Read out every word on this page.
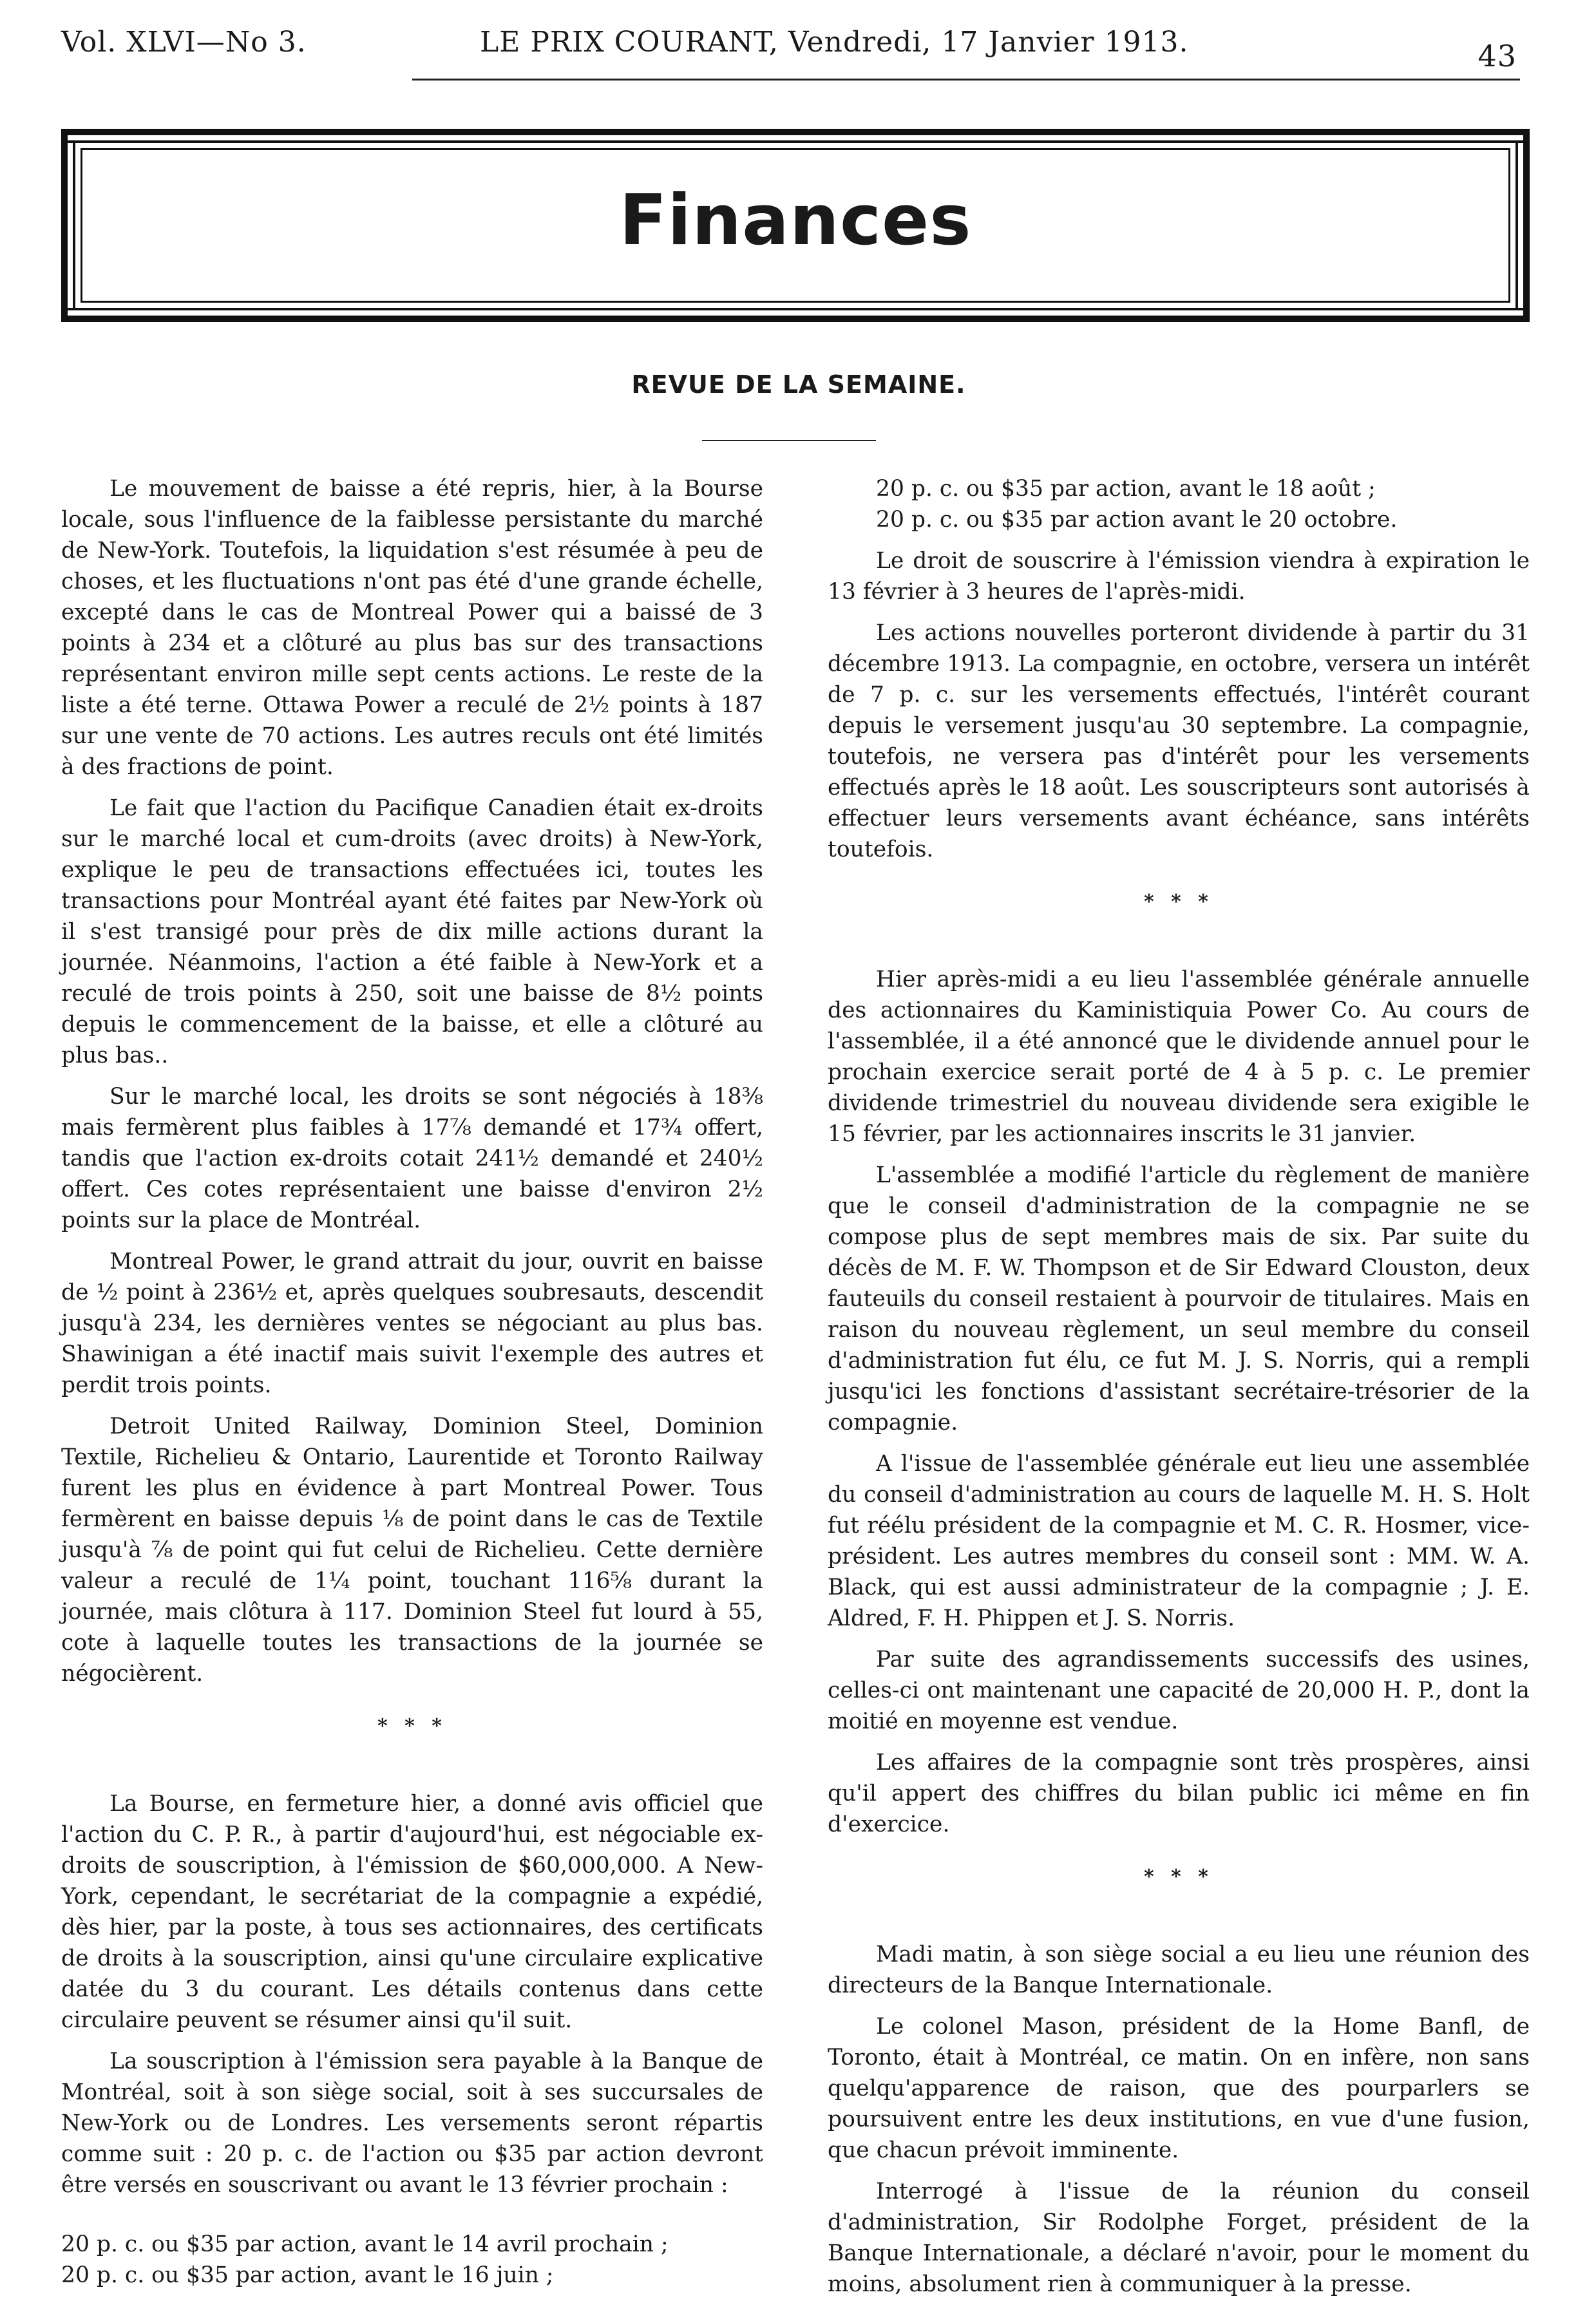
Vol. XLVI—No 3.	LE PRIX COURANT, Vendredi, 17 Janvier 1913.	43
Finances
REVUE DE LA SEMAINE.

Le mouvement de baisse a été repris, hier, à la Bourse locale, sous l'influence de la faiblesse persistante du marché de New-York. Toutefois, la liquidation s'est résumée à peu de choses, et les fluctuations n'ont pas été d'une grande échelle, excepté dans le cas de Montreal Power qui a baissé de 3 points à 234 et a clôturé au plus bas sur des transactions représentant environ mille sept cents actions. Le reste de la liste a été terne. Ottawa Power a reculé de 2½ points à 187 sur une vente de 70 actions. Les autres reculs ont été limités à des fractions de point.

Le fait que l'action du Pacifique Canadien était ex-droits sur le marché local et cum-droits (avec droits) à New-York, explique le peu de transactions effectuées ici, toutes les transactions pour Montréal ayant été faites par New-York où il s'est transigé pour près de dix mille actions durant la journée. Néanmoins, l'action a été faible à New-York et a reculé de trois points à 250, soit une baisse de 8½ points depuis le commencement de la baisse, et elle a clôturé au plus bas..

Sur le marché local, les droits se sont négociés à 18⅜ mais fermèrent plus faibles à 17⅞ demandé et 17¾ offert, tandis que l'action ex-droits cotait 241½ demandé et 240½ offert. Ces cotes représentaient une baisse d'environ 2½ points sur la place de Montréal.

Montreal Power, le grand attrait du jour, ouvrit en baisse de ½ point à 236½ et, après quelques soubresauts, descendit jusqu'à 234, les dernières ventes se négociant au plus bas. Shawinigan a été inactif mais suivit l'exemple des autres et perdit trois points.

Detroit United Railway, Dominion Steel, Dominion Textile, Richelieu & Ontario, Laurentide et Toronto Railway furent les plus en évidence à part Montreal Power. Tous fermèrent en baisse depuis ⅛ de point dans le cas de Textile jusqu'à ⅞ de point qui fut celui de Richelieu. Cette dernière valeur a reculé de 1¼ point, touchant 116⅝ durant la journée, mais clôtura à 117. Dominion Steel fut lourd à 55, cote à laquelle toutes les transactions de la journée se négocièrent.

* * *

La Bourse, en fermeture hier, a donné avis officiel que l'action du C. P. R., à partir d'aujourd'hui, est négociable ex-droits de souscription, à l'émission de $60,000,000. A New-York, cependant, le secrétariat de la compagnie a expédié, dès hier, par la poste, à tous ses actionnaires, des certificats de droits à la souscription, ainsi qu'une circulaire explicative datée du 3 du courant. Les détails contenus dans cette circulaire peuvent se résumer ainsi qu'il suit.

La souscription à l'émission sera payable à la Banque de Montréal, soit à son siège social, soit à ses succursales de New-York ou de Londres. Les versements seront répartis comme suit : 20 p. c. de l'action ou $35 par action devront être versés en souscrivant ou avant le 13 février prochain :

20 p. c. ou $35 par action, avant le 14 avril prochain ;

20 p. c. ou $35 par action, avant le 16 juin ;

20 p. c. ou $35 par action, avant le 18 août ;

20 p. c. ou $35 par action avant le 20 octobre.

Le droit de souscrire à l'émission viendra à expiration le 13 février à 3 heures de l'après-midi.

Les actions nouvelles porteront dividende à partir du 31 décembre 1913. La compagnie, en octobre, versera un intérêt de 7 p. c. sur les versements effectués, l'intérêt courant depuis le versement jusqu'au 30 septembre. La compagnie, toutefois, ne versera pas d'intérêt pour les versements effectués après le 18 août. Les souscripteurs sont autorisés à effectuer leurs versements avant échéance, sans intérêts toutefois.

* * *

Hier après-midi a eu lieu l'assemblée générale annuelle des actionnaires du Kaministiquia Power Co. Au cours de l'assemblée, il a été annoncé que le dividende annuel pour le prochain exercice serait porté de 4 à 5 p. c. Le premier dividende trimestriel du nouveau dividende sera exigible le 15 février, par les actionnaires inscrits le 31 janvier.

L'assemblée a modifié l'article du règlement de manière que le conseil d'administration de la compagnie ne se compose plus de sept membres mais de six. Par suite du décès de M. F. W. Thompson et de Sir Edward Clouston, deux fauteuils du conseil restaient à pourvoir de titulaires. Mais en raison du nouveau règlement, un seul membre du conseil d'administration fut élu, ce fut M. J. S. Norris, qui a rempli jusqu'ici les fonctions d'assistant secrétaire-trésorier de la compagnie.

A l'issue de l'assemblée générale eut lieu une assemblée du conseil d'administration au cours de laquelle M. H. S. Holt fut réélu président de la compagnie et M. C. R. Hosmer, vice-président. Les autres membres du conseil sont : MM. W. A. Black, qui est aussi administrateur de la compagnie ; J. E. Aldred, F. H. Phippen et J. S. Norris.

Par suite des agrandissements successifs des usines, celles-ci ont maintenant une capacité de 20,000 H. P., dont la moitié en moyenne est vendue.

Les affaires de la compagnie sont très prospères, ainsi qu'il appert des chiffres du bilan public ici même en fin d'exercice.

* * *

Madi matin, à son siège social a eu lieu une réunion des directeurs de la Banque Internationale.

Le colonel Mason, président de la Home Banfl, de Toronto, était à Montréal, ce matin. On en infère, non sans quelqu'apparence de raison, que des pourparlers se poursuivent entre les deux institutions, en vue d'une fusion, que chacun prévoit imminente.

Interrogé à l'issue de la réunion du conseil d'administration, Sir Rodolphe Forget, président de la Banque Internationale, a déclaré n'avoir, pour le moment du moins, absolument rien à communiquer à la presse.
